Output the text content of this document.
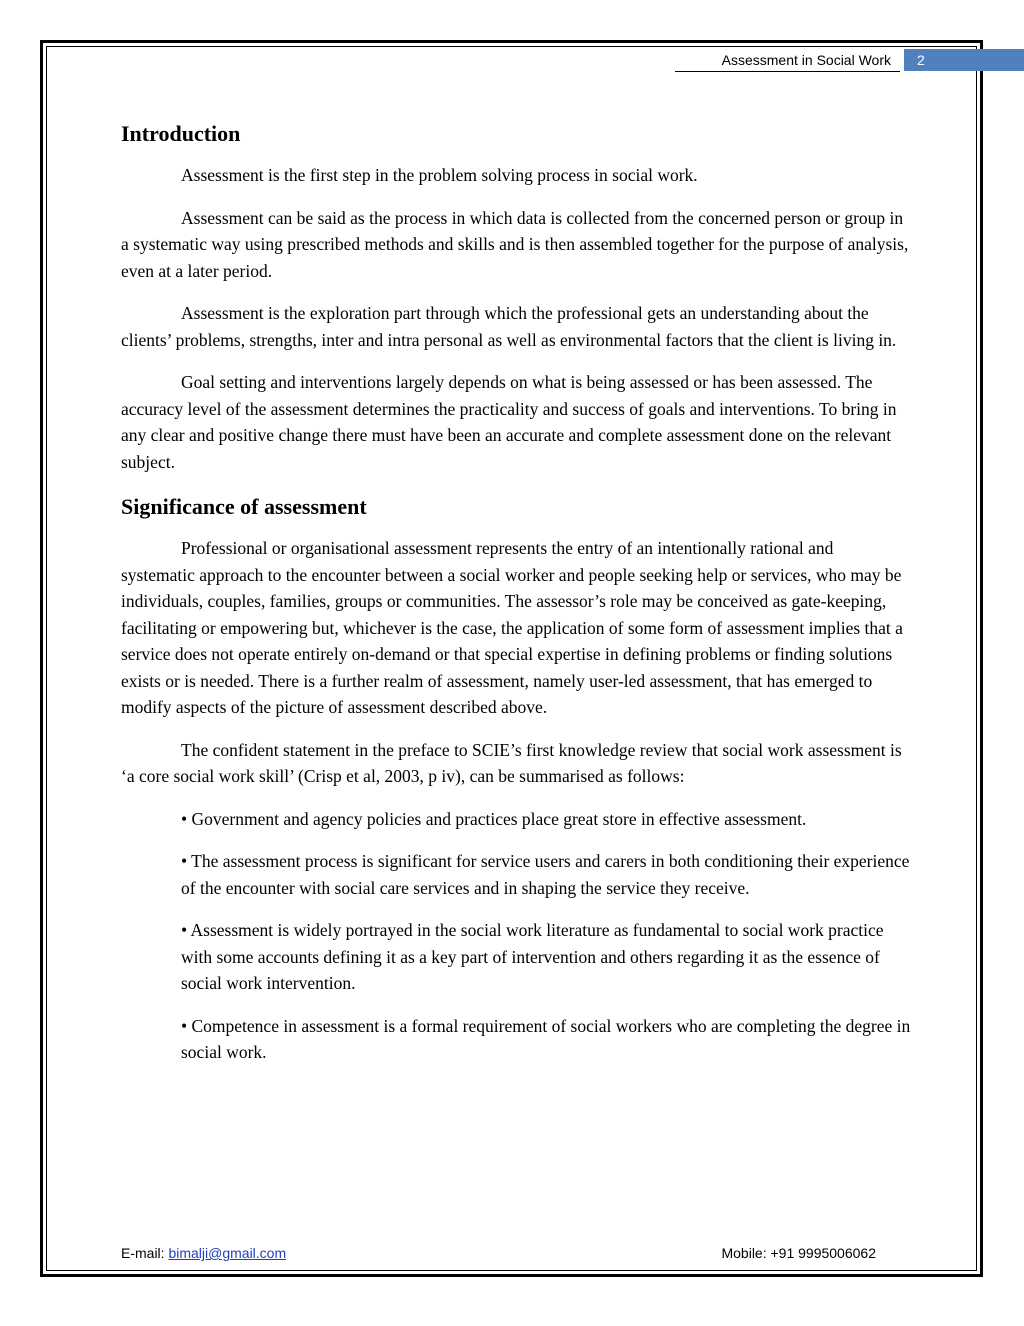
Assessment in Social Work	2
Introduction

Assessment is the first step in the problem solving process in social work.

Assessment can be said as the process in which data is collected from the concerned person or group in a systematic way using prescribed methods and skills and is then assembled together for the purpose of analysis, even at a later period.

Assessment is the exploration part through which the professional gets an understanding about the clients’ problems, strengths, inter and intra personal as well as environmental factors that the client is living in.

Goal setting and interventions largely depends on what is being assessed or has been assessed. The accuracy level of the assessment determines the practicality and success of goals and interventions. To bring in any clear and positive change there must have been an accurate and complete assessment done on the relevant subject.

Significance of assessment

Professional or organisational assessment represents the entry of an intentionally rational and systematic approach to the encounter between a social worker and people seeking help or services, who may be individuals, couples, families, groups or communities. The assessor’s role may be conceived as gate-keeping, facilitating or empowering but, whichever is the case, the application of some form of assessment implies that a service does not operate entirely on-demand or that special expertise in defining problems or finding solutions exists or is needed. There is a further realm of assessment, namely user-led assessment, that has emerged to modify aspects of the picture of assessment described above.

The confident statement in the preface to SCIE’s first knowledge review that social work assessment is ‘a core social work skill’ (Crisp et al, 2003, p iv), can be summarised as follows:

• Government and agency policies and practices place great store in effective assessment.

• The assessment process is significant for service users and carers in both conditioning their experience of the encounter with social care services and in shaping the service they receive.

• Assessment is widely portrayed in the social work literature as fundamental to social work practice with some accounts defining it as a key part of intervention and others regarding it as the essence of social work intervention.

• Competence in assessment is a formal requirement of social workers who are completing the degree in social work.

E-mail: bimalji@gmail.com	Mobile: +91 9995006062
